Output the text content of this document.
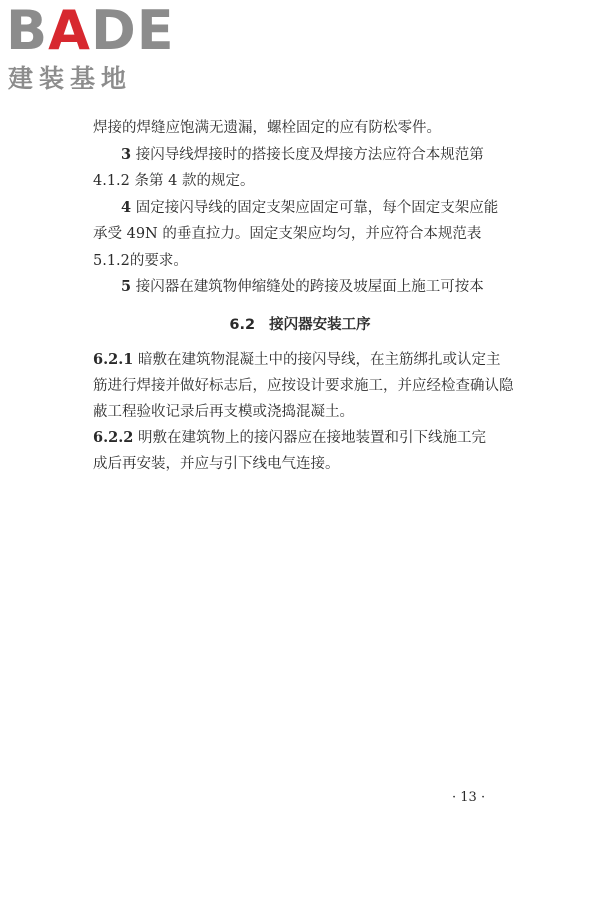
BADE
建装基地
焊接的焊缝应饱满无遗漏，螺栓固定的应有防松零件。
3 接闪导线焊接时的搭接长度及焊接方法应符合本规范第
4.1.2 条第 4 款的规定。
4 固定接闪导线的固定支架应固定可靠，每个固定支架应能
承受 49N 的垂直拉力。固定支架应均匀，并应符合本规范表
5.1.2的要求。
5 接闪器在建筑物伸缩缝处的跨接及坡屋面上施工可按本
6.2 接闪器安装工序
6.2.1 暗敷在建筑物混凝土中的接闪导线，在主筋绑扎或认定主
筋进行焊接并做好标志后，应按设计要求施工，并应经检查确认隐
蔽工程验收记录后再支模或浇捣混凝土。
6.2.2 明敷在建筑物上的接闪器应在接地装置和引下线施工完
成后再安装，并应与引下线电气连接。
· 13 ·
